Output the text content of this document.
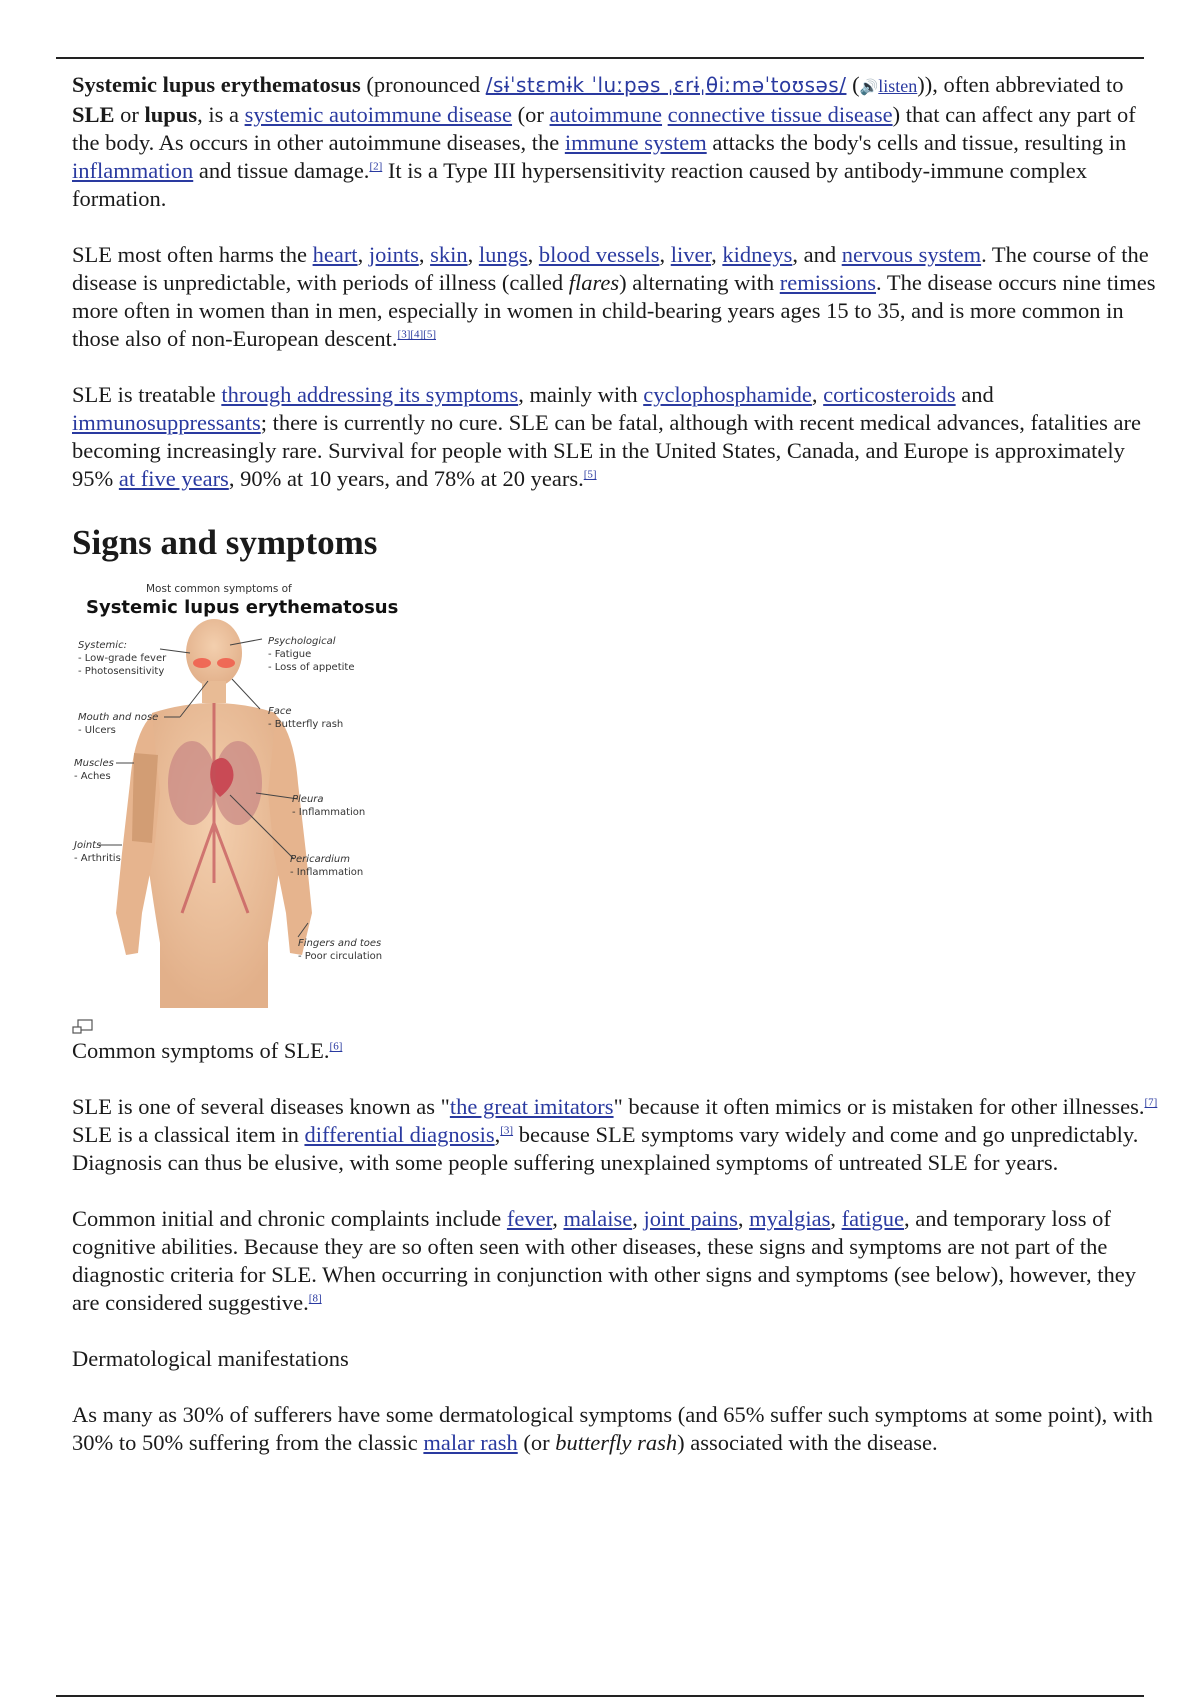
Systemic lupus erythematosus (pronounced /sɨˈstɛmɨk ˈluːpəs ˌɛrɨˌθiːməˈtoʊsəs/ (🔊listen)), often abbreviated to SLE or lupus, is a systemic autoimmune disease (or autoimmune connective tissue disease) that can affect any part of the body. As occurs in other autoimmune diseases, the immune system attacks the body's cells and tissue, resulting in inflammation and tissue damage.[2] It is a Type III hypersensitivity reaction caused by antibody-immune complex formation.

SLE most often harms the heart, joints, skin, lungs, blood vessels, liver, kidneys, and nervous system. The course of the disease is unpredictable, with periods of illness (called flares) alternating with remissions. The disease occurs nine times more often in women than in men, especially in women in child-bearing years ages 15 to 35, and is more common in those also of non-European descent.[3][4][5]

SLE is treatable through addressing its symptoms, mainly with cyclophosphamide, corticosteroids and immunosuppressants; there is currently no cure. SLE can be fatal, although with recent medical advances, fatalities are becoming increasingly rare. Survival for people with SLE in the United States, Canada, and Europe is approximately 95% at five years, 90% at 10 years, and 78% at 20 years.[5]

Signs and symptoms
Most common symptoms of
Systemic lupus erythematosus
Systemic:
- Low-grade fever
- Photosensitivity
Psychological
- Fatigue
- Loss of appetite
Mouth and nose
- Ulcers
Face
- Butterfly rash
Muscles
- Aches
Pleura
- Inflammation
Joints
- Arthritis	Pericardium
- Inflammation
Fingers and toes
- Poor circulation
Common symptoms of SLE.[6]

SLE is one of several diseases known as "the great imitators" because it often mimics or is mistaken for other illnesses.[7] SLE is a classical item in differential diagnosis,[3] because SLE symptoms vary widely and come and go unpredictably. Diagnosis can thus be elusive, with some people suffering unexplained symptoms of untreated SLE for years.

Common initial and chronic complaints include fever, malaise, joint pains, myalgias, fatigue, and temporary loss of cognitive abilities. Because they are so often seen with other diseases, these signs and symptoms are not part of the diagnostic criteria for SLE. When occurring in conjunction with other signs and symptoms (see below), however, they are considered suggestive.[8]

Dermatological manifestations

As many as 30% of sufferers have some dermatological symptoms (and 65% suffer such symptoms at some point), with 30% to 50% suffering from the classic malar rash (or butterfly rash) associated with the disease.
